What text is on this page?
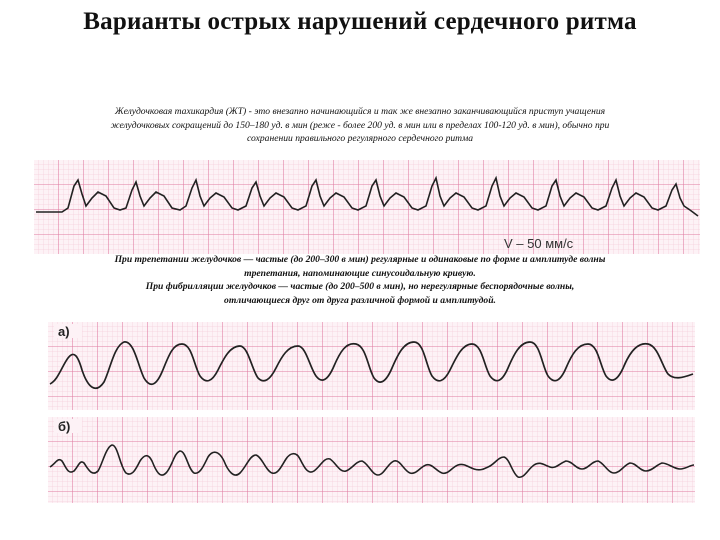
Варианты острых нарушений сердечного ритма
Желудочковая тахикардия (ЖТ) - это внезапно начинающийся и так же внезапно заканчивающийся приступ учащения
желудочковых сокращений до 150–180 уд. в мин (реже - более 200 уд. в мин или в пределах 100-120 уд. в мин), обычно при
сохранении правильного регулярного сердечного ритма
V – 50 мм/с
При трепетании желудочков — частые (до 200–300 в мин) регулярные и одинаковые по форме и амплитуде волны
трепетания, напоминающие синусоидальную кривую.
При фибрилляции желудочков — частые (до 200–500 в мин), но нерегулярные беспорядочные волны,
отличающиеся друг от друга различной формой и амплитудой.
а)
б)
